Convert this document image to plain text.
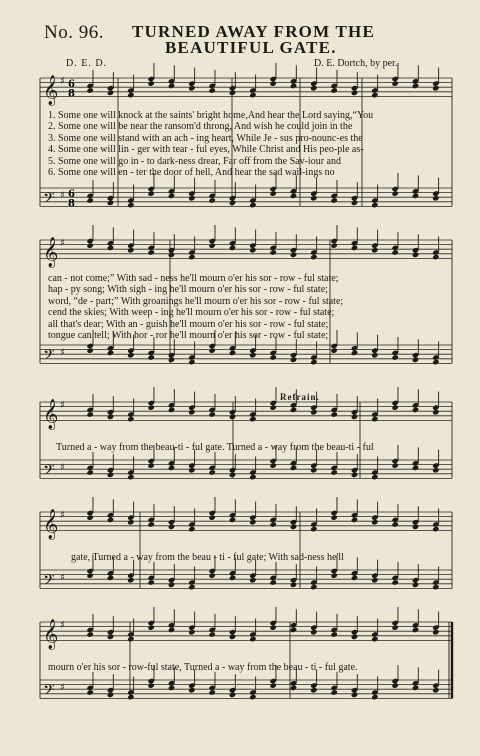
No. 96. TURNED AWAY FROM THE
BEAUTIFUL GATE.
D. E. D.	D. E. Dortch, by per.
𝄞 ♯
𝄢 ♯
6
8
6
8
𝄞 ♯
𝄢 ♯
𝄞 ♯
𝄢 ♯
𝄞 ♯
𝄢 ♯
𝄞 ♯
𝄢 ♯
1. Some one will knock at the saints' bright home,And hear the Lord saying,“You
2. Some one will be near the ransom'd throng, And wish he could join in the
3. Some one will stand with an ach - ing heart, While Je - sus pro-nounc-es the
4. Some one will lin - ger with tear - ful eyes, While Christ and His peo-ple as-
5. Some one will go in - to dark-ness drear, Far off from the Sav-iour and
6. Some one will en - ter the door of hell, And hear the sad wail-ings no
can - not come;” With sad - ness he'll mourn o'er his sor - row - ful state;
hap - py song; With sigh - ing he'll mourn o'er his sor - row - ful state;
word, “de - part;” With groanings he'll mourn o'er his sor - row - ful state;
cend the skies; With weep - ing he'll mourn o'er his sor - row - ful state;
all that's dear; With an - guish he'll mourn o'er his sor - row - ful state;
tongue can tell; With hor - ror he'll mourn o'er his sor - row - ful state;
Refrain.
Turned a - way from the beau-ti - ful gate. Turned a - way from the beau-ti - ful
gate, Turned a - way from the beau - ti - ful gate; With sad-ness he'll
mourn o'er his sor - row-ful state, Turned a - way from the beau - ti - ful gate.
